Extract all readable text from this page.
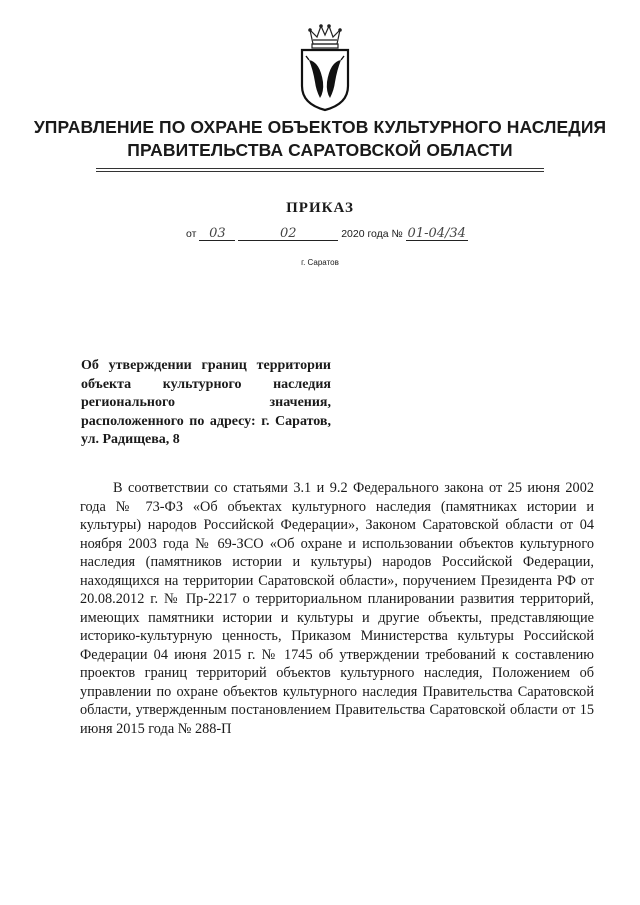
УПРАВЛЕНИЕ ПО ОХРАНЕ ОБЪЕКТОВ КУЛЬТУРНОГО НАСЛЕДИЯ
ПРАВИТЕЛЬСТВА САРАТОВСКОЙ ОБЛАСТИ
ПРИКАЗ
от 03	02	2020 года № 01-04/34
г. Саратов
Об утверждении границ территории объекта культурного наследия регионального значения, расположенного по адресу: г. Саратов, ул. Радищева, 8

В соответствии со статьями 3.1 и 9.2 Федерального закона от 25 июня 2002 года № 73-ФЗ «Об объектах культурного наследия (памятниках истории и культуры) народов Российской Федерации», Законом Саратовской области от 04 ноября 2003 года № 69-ЗСО «Об охране и использовании объектов культурного наследия (памятников истории и культуры) народов Российской Федерации, находящихся на территории Саратовской области», поручением Президента РФ от 20.08.2012 г. № Пр-2217 о территориальном планировании развития территорий, имеющих памятники истории и культуры и другие объекты, представляющие историко-культурную ценность, Приказом Министерства культуры Российской Федерации 04 июня 2015 г. № 1745 об утверждении требований к составлению проектов границ территорий объектов культурного наследия, Положением об управлении по охране объектов культурного наследия Правительства Саратовской области, утвержденным постановлением Правительства Саратовской области от 15 июня 2015 года № 288-П
